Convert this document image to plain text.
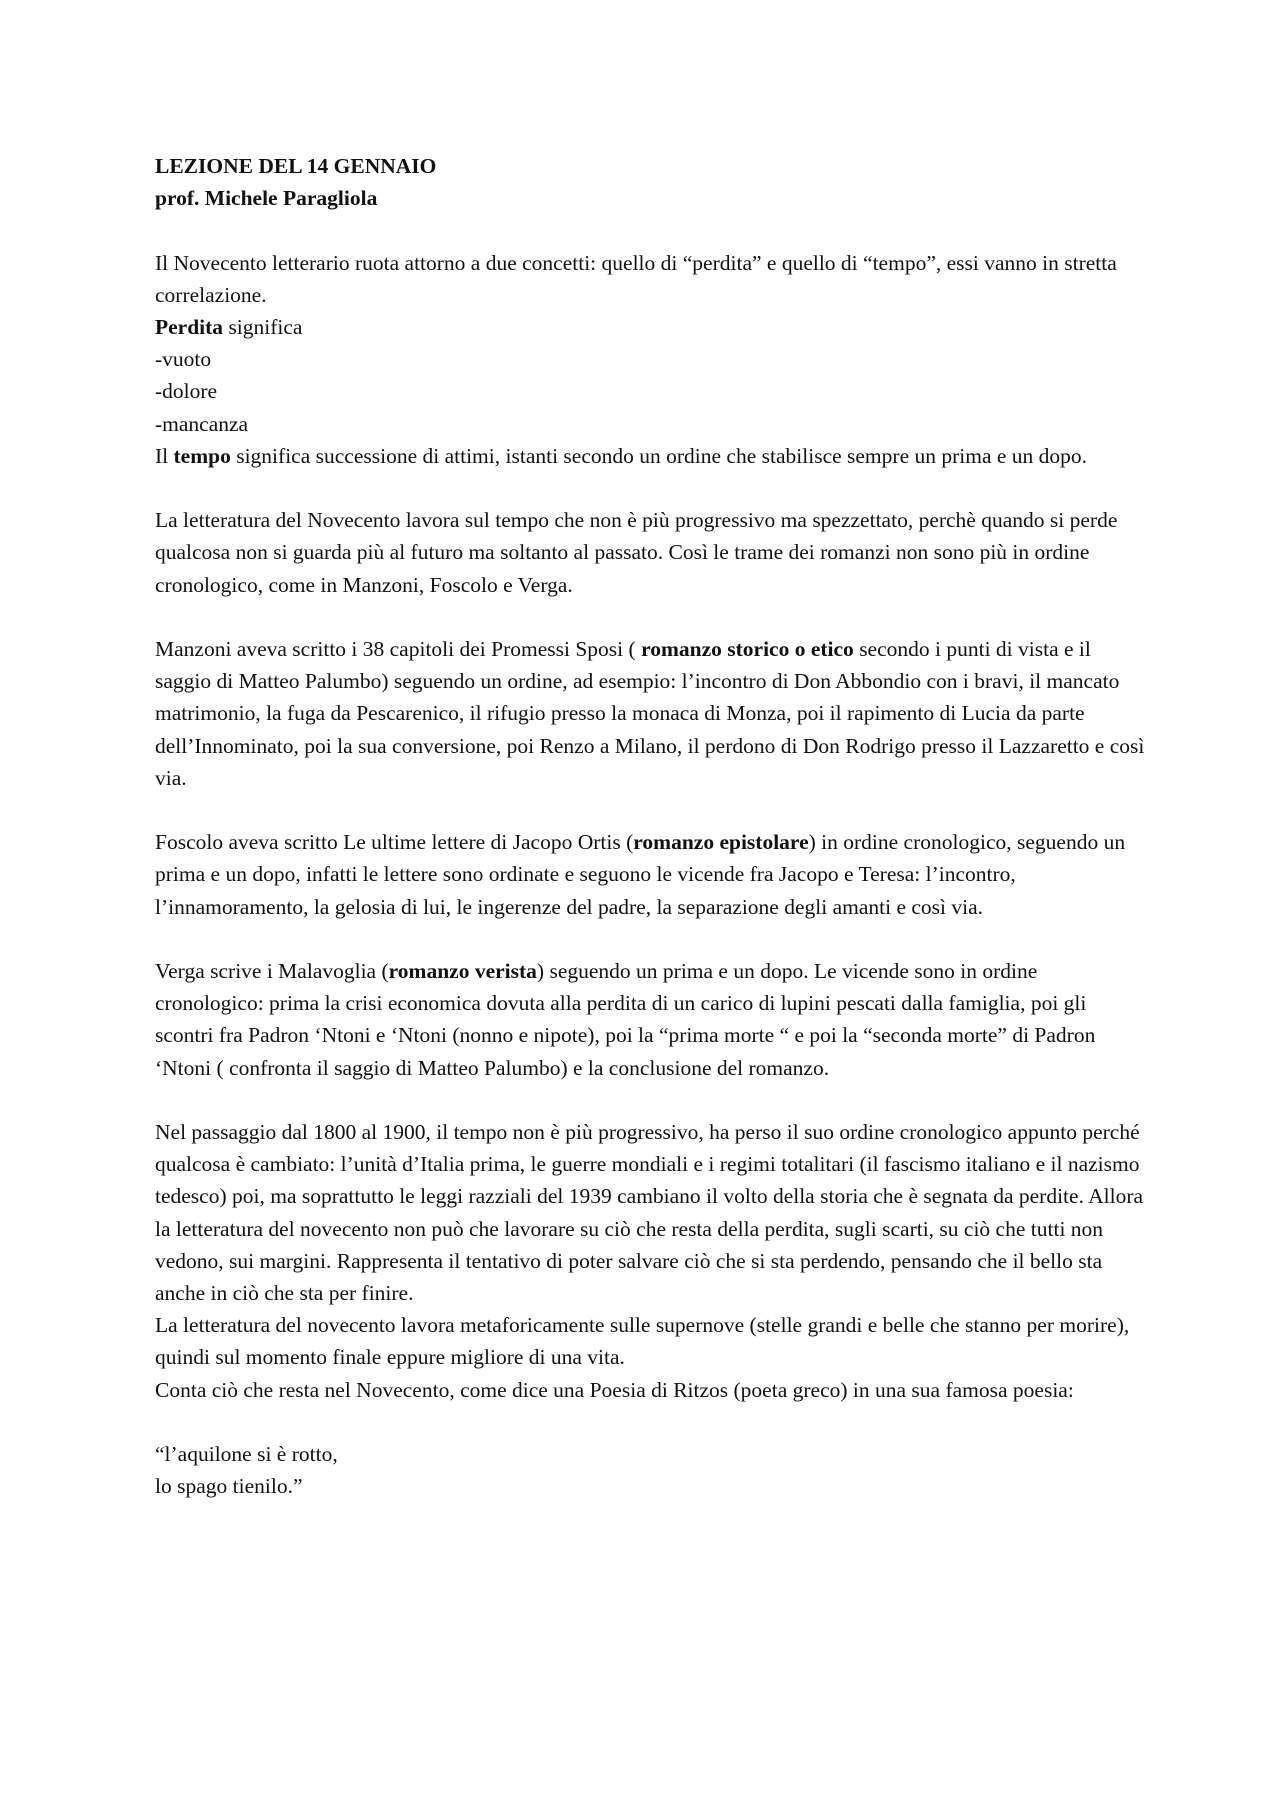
LEZIONE DEL 14 GENNAIO

prof. Michele Paragliola

Il Novecento letterario ruota attorno a due concetti: quello di “perdita” e quello di “tempo”, essi vanno in stretta correlazione.

Perdita significa

-vuoto

-dolore

-mancanza

Il tempo significa successione di attimi, istanti secondo un ordine che stabilisce sempre un prima e un dopo.

La letteratura del Novecento lavora sul tempo che non è più progressivo ma spezzettato, perchè quando si perde qualcosa non si guarda più al futuro ma soltanto al passato. Così le trame dei romanzi non sono più in ordine cronologico, come in Manzoni, Foscolo e Verga.

Manzoni aveva scritto i 38 capitoli dei Promessi Sposi ( romanzo storico o etico secondo i punti di vista e il saggio di Matteo Palumbo) seguendo un ordine, ad esempio: l’incontro di Don Abbondio con i bravi, il mancato matrimonio, la fuga da Pescarenico, il rifugio presso la monaca di Monza, poi il rapimento di Lucia da parte dell’Innominato, poi la sua conversione, poi Renzo a Milano, il perdono di Don Rodrigo presso il Lazzaretto e così via.

Foscolo aveva scritto Le ultime lettere di Jacopo Ortis (romanzo epistolare) in ordine cronologico, seguendo un prima e un dopo, infatti le lettere sono ordinate e seguono le vicende fra Jacopo e Teresa: l’incontro, l’innamoramento, la gelosia di lui, le ingerenze del padre, la separazione degli amanti e così via.

Verga scrive i Malavoglia (romanzo verista) seguendo un prima e un dopo. Le vicende sono in ordine cronologico: prima la crisi economica dovuta alla perdita di un carico di lupini pescati dalla famiglia, poi gli scontri fra Padron ‘Ntoni e ‘Ntoni (nonno e nipote), poi la “prima morte “ e poi la “seconda morte” di Padron ‘Ntoni ( confronta il saggio di Matteo Palumbo) e la conclusione del romanzo.

Nel passaggio dal 1800 al 1900, il tempo non è più progressivo, ha perso il suo ordine cronologico appunto perché qualcosa è cambiato: l’unità d’Italia prima, le guerre mondiali e i regimi totalitari (il fascismo italiano e il nazismo tedesco) poi, ma soprattutto le leggi razziali del 1939 cambiano il volto della storia che è segnata da perdite. Allora la letteratura del novecento non può che lavorare su ciò che resta della perdita, sugli scarti, su ciò che tutti non vedono, sui margini. Rappresenta il tentativo di poter salvare ciò che si sta perdendo, pensando che il bello sta anche in ciò che sta per finire.

La letteratura del novecento lavora metaforicamente sulle supernove (stelle grandi e belle che stanno per morire), quindi sul momento finale eppure migliore di una vita.

Conta ciò che resta nel Novecento, come dice una Poesia di Ritzos (poeta greco) in una sua famosa poesia:

“l’aquilone si è rotto,

lo spago tienilo.”
